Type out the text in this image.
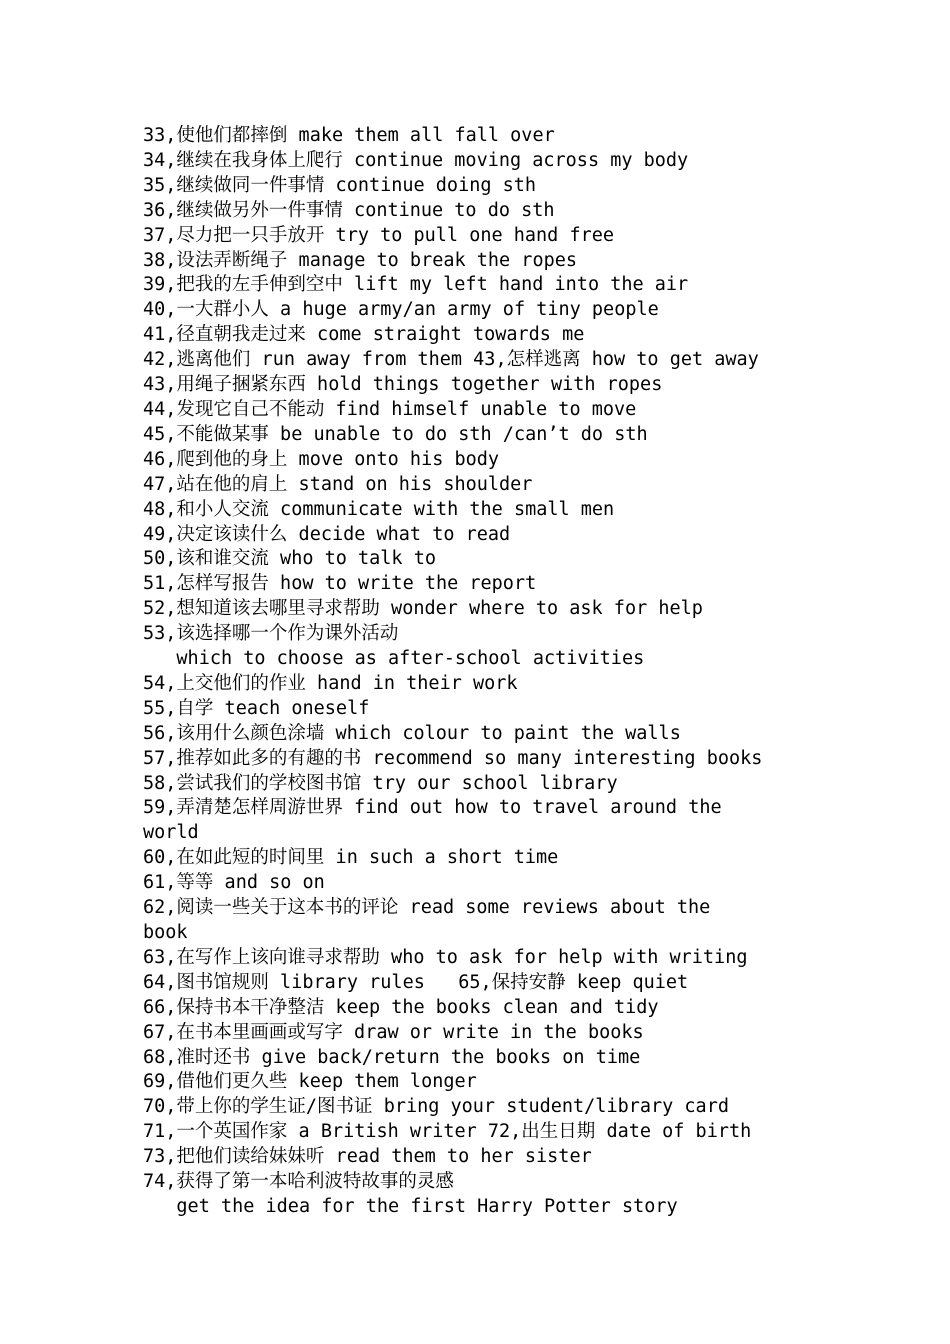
33,使他们都摔倒 make them all fall over
34,继续在我身体上爬行 continue moving across my body
35,继续做同一件事情 continue doing sth
36,继续做另外一件事情 continue to do sth
37,尽力把一只手放开 try to pull one hand free
38,设法弄断绳子 manage to break the ropes
39,把我的左手伸到空中 lift my left hand into the air
40,一大群小人 a huge army/an army of tiny people
41,径直朝我走过来 come straight towards me
42,逃离他们 run away from them 43,怎样逃离 how to get away
43,用绳子捆紧东西 hold things together with ropes
44,发现它自己不能动 find himself unable to move
45,不能做某事 be unable to do sth /can’t do sth
46,爬到他的身上 move onto his body
47,站在他的肩上 stand on his shoulder
48,和小人交流 communicate with the small men
49,决定该读什么 decide what to read
50,该和谁交流 who to talk to
51,怎样写报告 how to write the report
52,想知道该去哪里寻求帮助 wonder where to ask for help
53,该选择哪一个作为课外活动
which to choose as after-school activities
54,上交他们的作业 hand in their work
55,自学 teach oneself
56,该用什么颜色涂墙 which colour to paint the walls
57,推荐如此多的有趣的书 recommend so many interesting books
58,尝试我们的学校图书馆 try our school library
59,弄清楚怎样周游世界 find out how to travel around the
world
60,在如此短的时间里 in such a short time
61,等等 and so on
62,阅读一些关于这本书的评论 read some reviews about the
book
63,在写作上该向谁寻求帮助 who to ask for help with writing
64,图书馆规则 library rules   65,保持安静 keep quiet
66,保持书本干净整洁 keep the books clean and tidy
67,在书本里画画或写字 draw or write in the books
68,准时还书 give back/return the books on time
69,借他们更久些 keep them longer
70,带上你的学生证/图书证 bring your student/library card
71,一个英国作家 a British writer 72,出生日期 date of birth
73,把他们读给妹妹听 read them to her sister
74,获得了第一本哈利波特故事的灵感
get the idea for the first Harry Potter story
